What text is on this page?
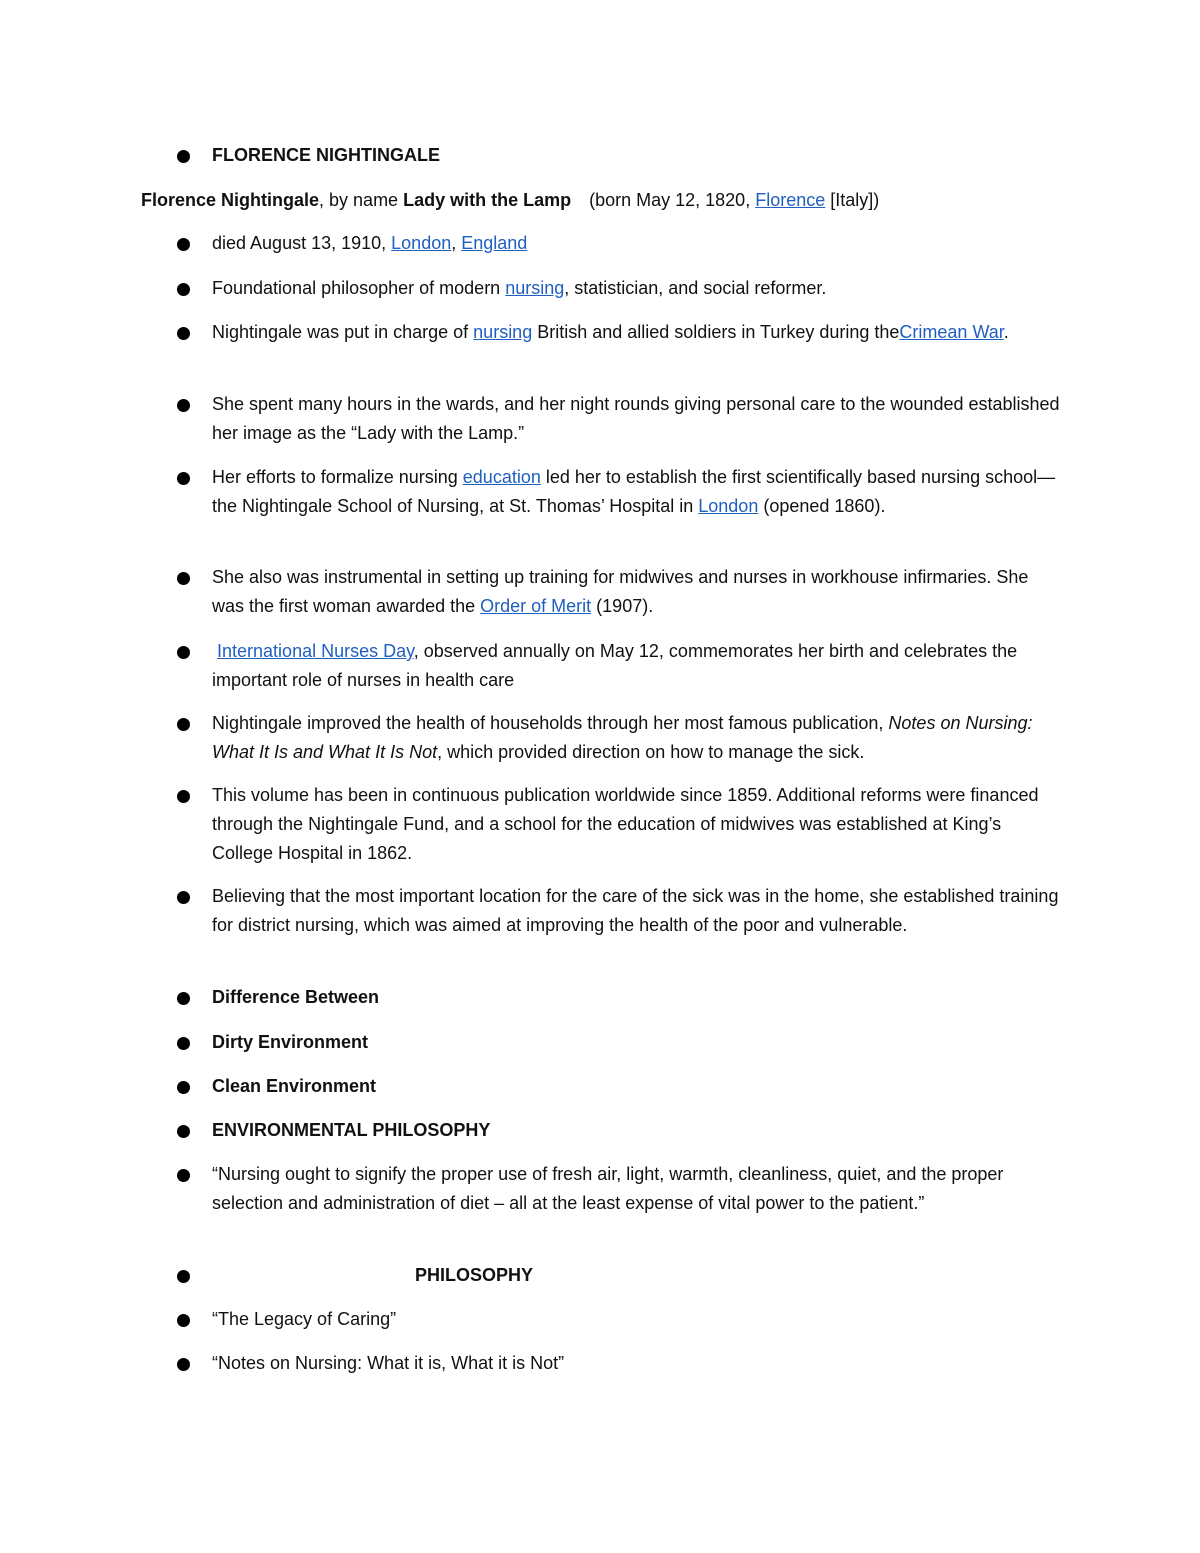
FLORENCE NIGHTINGALE
Florence Nightingale, by name Lady with the Lamp (born May 12, 1820, Florence [Italy])
died August 13, 1910, London, England
Foundational philosopher of modern nursing, statistician, and social reformer.
Nightingale was put in charge of nursing British and allied soldiers in Turkey during theCrimean War.
She spent many hours in the wards, and her night rounds giving personal care to the wounded established her image as the “Lady with the Lamp.”
Her efforts to formalize nursing education led her to establish the first scientifically based nursing school—the Nightingale School of Nursing, at St. Thomas’ Hospital in London (opened 1860).
She also was instrumental in setting up training for midwives and nurses in workhouse infirmaries. She was the first woman awarded the Order of Merit (1907).
International Nurses Day, observed annually on May 12, commemorates her birth and celebrates the important role of nurses in health care
Nightingale improved the health of households through her most famous publication, Notes on Nursing: What It Is and What It Is Not, which provided direction on how to manage the sick.
This volume has been in continuous publication worldwide since 1859. Additional reforms were financed through the Nightingale Fund, and a school for the education of midwives was established at King’s College Hospital in 1862.
Believing that the most important location for the care of the sick was in the home, she established training for district nursing, which was aimed at improving the health of the poor and vulnerable.
Difference Between
Dirty Environment
Clean Environment
ENVIRONMENTAL PHILOSOPHY
“Nursing ought to signify the proper use of fresh air, light, warmth, cleanliness, quiet, and the proper selection and administration of diet – all at the least expense of vital power to the patient.”
PHILOSOPHY
“The Legacy of Caring”
“Notes on Nursing: What it is, What it is Not”
